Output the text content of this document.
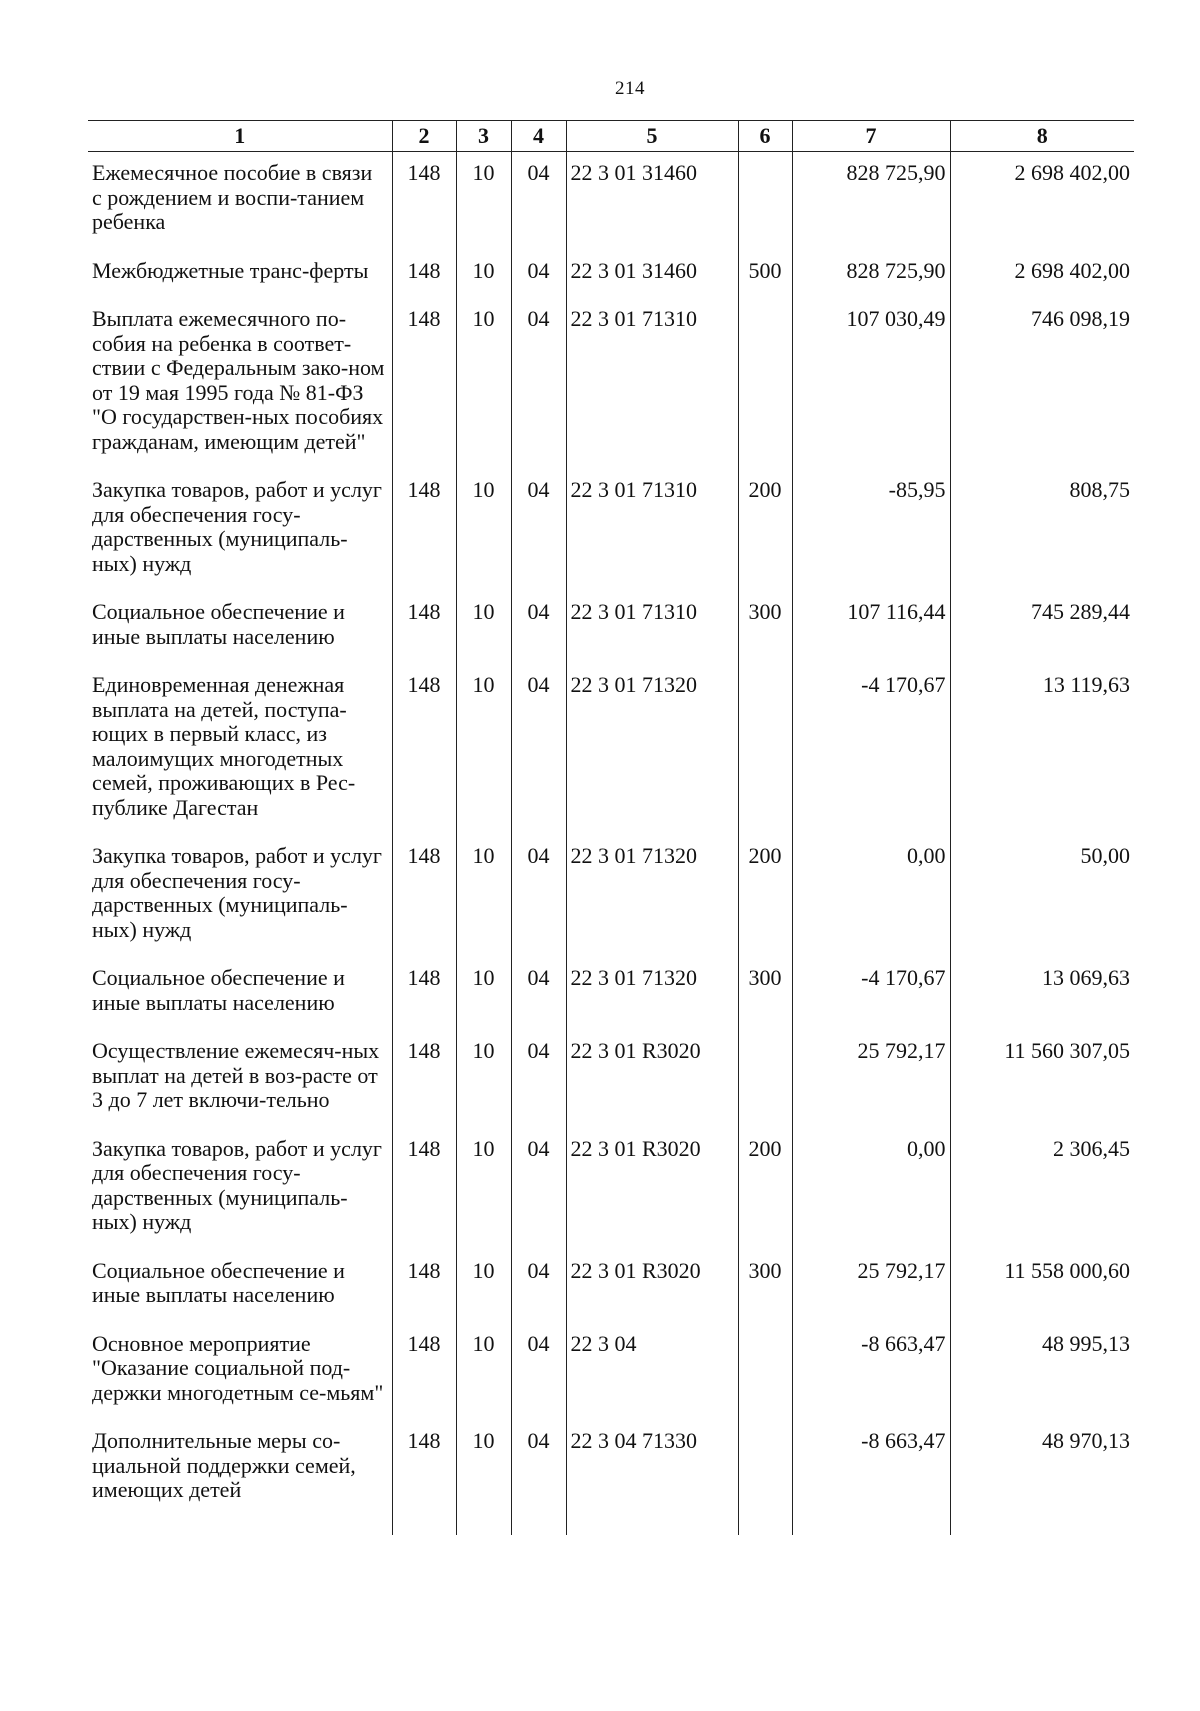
214
1	2	3	4	5	6	7	8
Ежемесячное пособие в связи с рождением и воспи-танием ребенка	148	10	04	22 3 01 31460		828 725,90	2 698 402,00
Межбюджетные транс-ферты	148	10	04	22 3 01 31460	500	828 725,90	2 698 402,00
Выплата ежемесячного по-собия на ребенка в соответ-ствии с Федеральным зако-ном от 19 мая 1995 года № 81-ФЗ "О государствен-ных пособиях гражданам, имеющим детей"	148	10	04	22 3 01 71310		107 030,49	746 098,19
Закупка товаров, работ и услуг для обеспечения госу-дарственных (муниципаль-ных) нужд	148	10	04	22 3 01 71310	200	-85,95	808,75
Социальное обеспечение и иные выплаты населению	148	10	04	22 3 01 71310	300	107 116,44	745 289,44
Единовременная денежная выплата на детей, поступа-ющих в первый класс, из малоимущих многодетных семей, проживающих в Рес-публике Дагестан	148	10	04	22 3 01 71320		-4 170,67	13 119,63
Закупка товаров, работ и услуг для обеспечения госу-дарственных (муниципаль-ных) нужд	148	10	04	22 3 01 71320	200	0,00	50,00
Социальное обеспечение и иные выплаты населению	148	10	04	22 3 01 71320	300	-4 170,67	13 069,63
Осуществление ежемесяч-ных выплат на детей в воз-расте от 3 до 7 лет включи-тельно	148	10	04	22 3 01 R3020		25 792,17	11 560 307,05
Закупка товаров, работ и услуг для обеспечения госу-дарственных (муниципаль-ных) нужд	148	10	04	22 3 01 R3020	200	0,00	2 306,45
Социальное обеспечение и иные выплаты населению	148	10	04	22 3 01 R3020	300	25 792,17	11 558 000,60
Основное мероприятие "Оказание социальной под-держки многодетным се-мьям"	148	10	04	22 3 04		-8 663,47	48 995,13
Дополнительные меры со-циальной поддержки семей, имеющих детей	148	10	04	22 3 04 71330		-8 663,47	48 970,13
